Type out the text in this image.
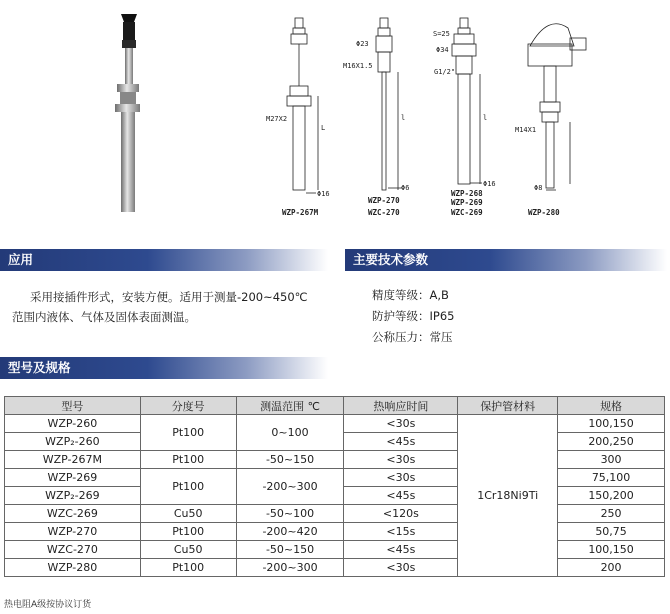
M27X2
L
Φ16
WZP-267M
Φ23
M16X1.5
l
Φ6
WZP-270
WZC-270
S=25
Φ34
G1/2"
l
Φ16
WZP-268
WZP-269
WZC-269
M14X1
Φ8
WZP-280
应用
采用接插件形式，安装方便。适用于测量-200~450℃
范围内液体、气体及固体表面测温。
主要技术参数
精度等级：A,B
防护等级：IP65
公称压力：常压
型号及规格
型号	分度号	测温范围 ℃	热响应时间	保护管材料	规格
WZP-260	Pt100	0~100	<30s	1Cr18Ni9Ti	100,150
WZP₂-260			<45s		200,250
WZP-267M	Pt100	-50~150	<30s		300
WZP-269	Pt100	-200~300	<30s		75,100
WZP₂-269			<45s		150,200
WZC-269	Cu50	-50~100	<120s		250
WZP-270	Pt100	-200~420	<15s		50,75
WZC-270	Cu50	-50~150	<45s		100,150
WZP-280	Pt100	-200~300	<30s		200
热电阻A级按协议订货
